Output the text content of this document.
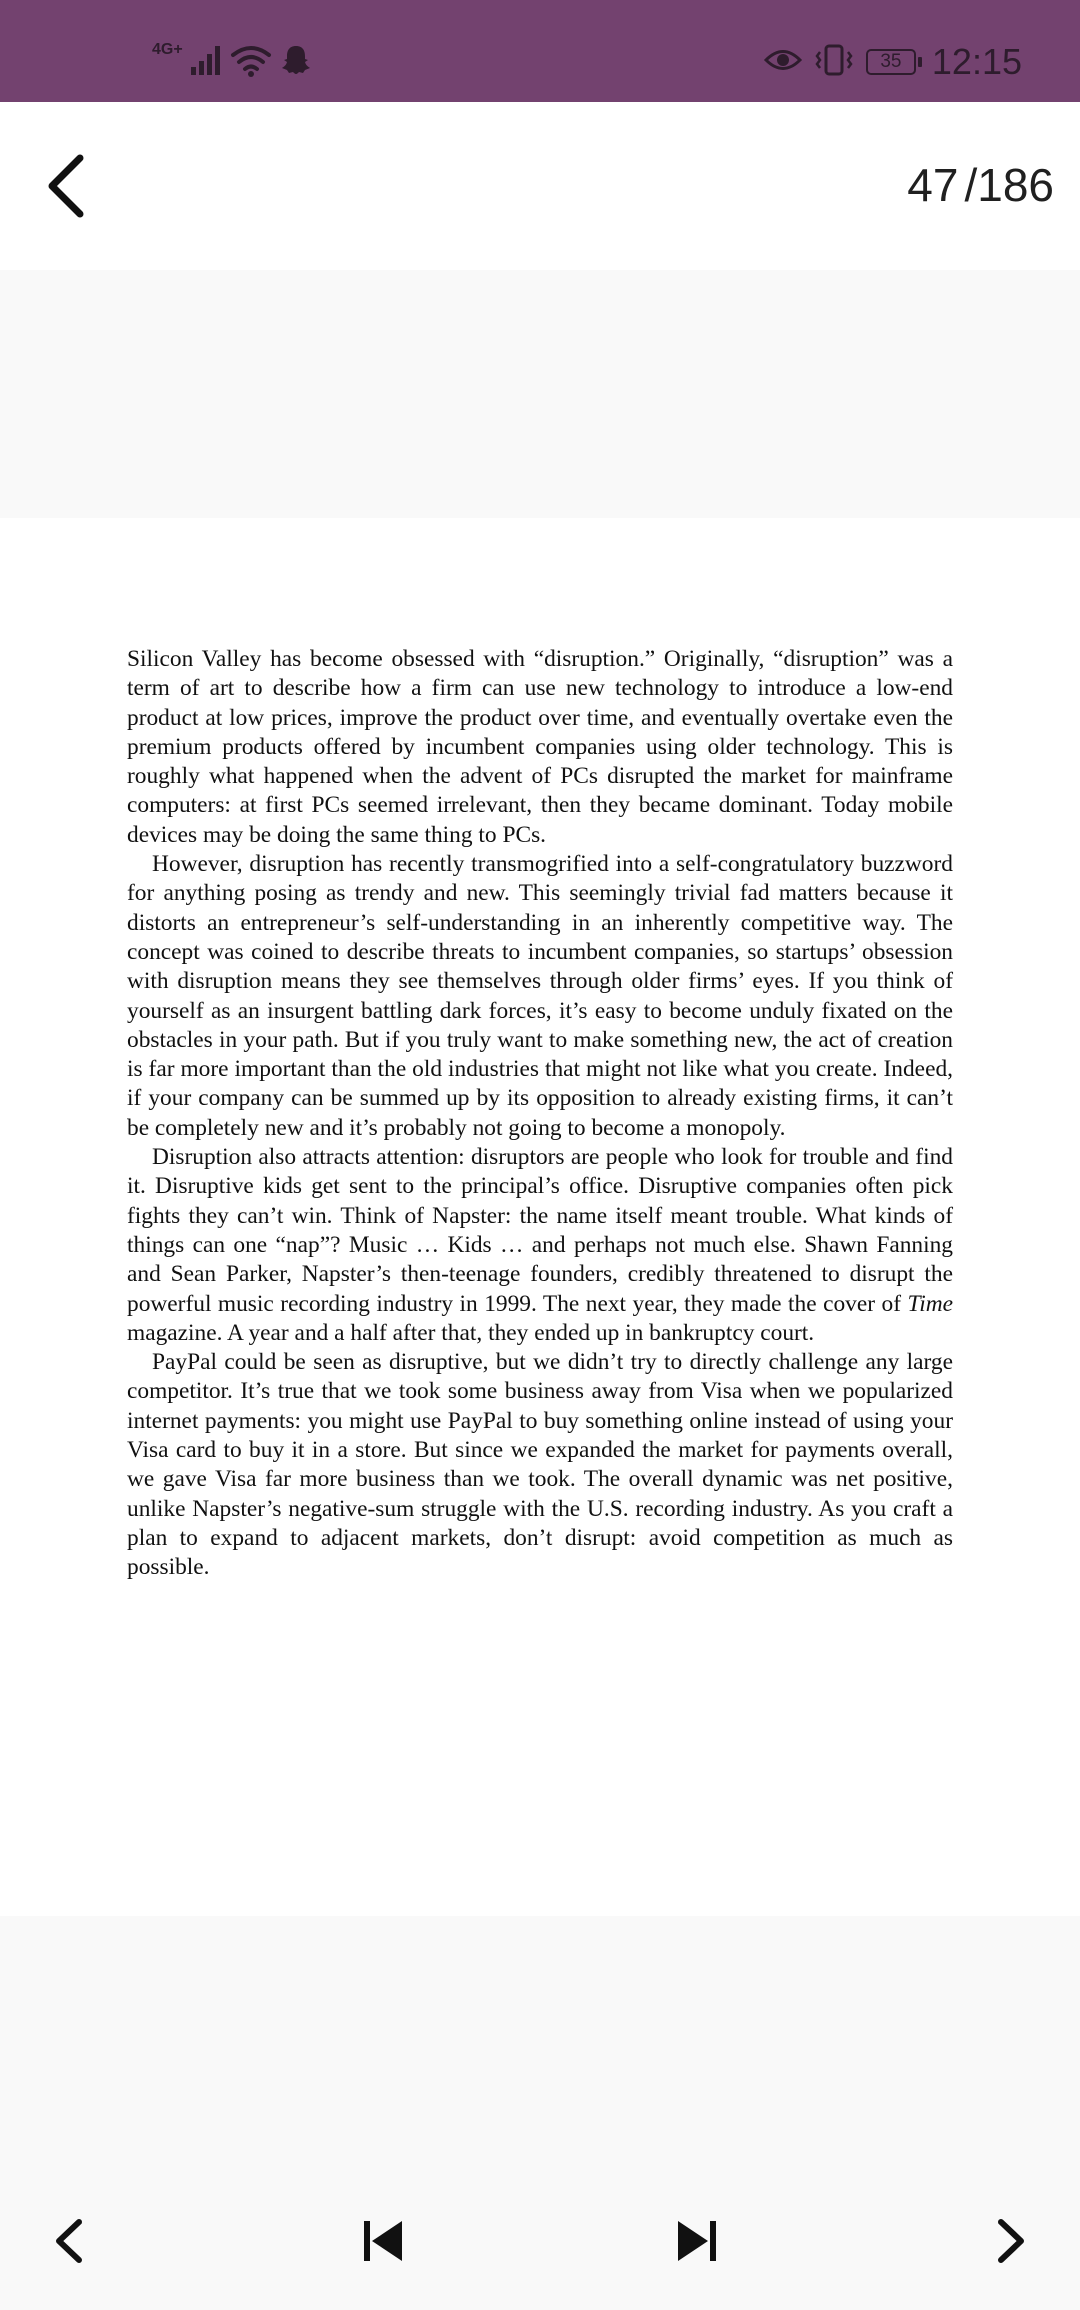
4G+
35 12:15
47 /186

Silicon Valley has become obsessed with “disruption.” Originally, “disruption” was a term of art to describe how a firm can use new technology to introduce a low-end product at low prices, improve the product over time, and eventually overtake even the premium products offered by incumbent companies using older technology. This is roughly what happened when the advent of PCs disrupted the market for mainframe computers: at first PCs seemed irrelevant, then they became dominant. Today mobile devices may be doing the same thing to PCs.

However, disruption has recently transmogrified into a self-congratulatory buzzword for anything posing as trendy and new. This seemingly trivial fad matters because it distorts an entrepreneur’s self-understanding in an inherently competitive way. The concept was coined to describe threats to incumbent companies, so startups’ obsession with disruption means they see themselves through older firms’ eyes. If you think of yourself as an insurgent battling dark forces, it’s easy to become unduly fixated on the obstacles in your path. But if you truly want to make something new, the act of creation is far more important than the old industries that might not like what you create. Indeed, if your company can be summed up by its opposition to already existing firms, it can’t be completely new and it’s probably not going to become a monopoly.

Disruption also attracts attention: disruptors are people who look for trouble and find it. Disruptive kids get sent to the principal’s office. Disruptive companies often pick fights they can’t win. Think of Napster: the name itself meant trouble. What kinds of things can one “nap”? Music … Kids … and perhaps not much else. Shawn Fanning and Sean Parker, Napster’s then-teenage founders, credibly threatened to disrupt the powerful music recording industry in 1999. The next year, they made the cover of Time magazine. A year and a half after that, they ended up in bankruptcy court.

PayPal could be seen as disruptive, but we didn’t try to directly challenge any large competitor. It’s true that we took some business away from Visa when we popularized internet payments: you might use PayPal to buy something online instead of using your Visa card to buy it in a store. But since we expanded the market for payments overall, we gave Visa far more business than we took. The overall dynamic was net positive, unlike Napster’s negative-sum struggle with the U.S. recording industry. As you craft a plan to expand to adjacent markets, don’t disrupt: avoid competition as much as possible.
